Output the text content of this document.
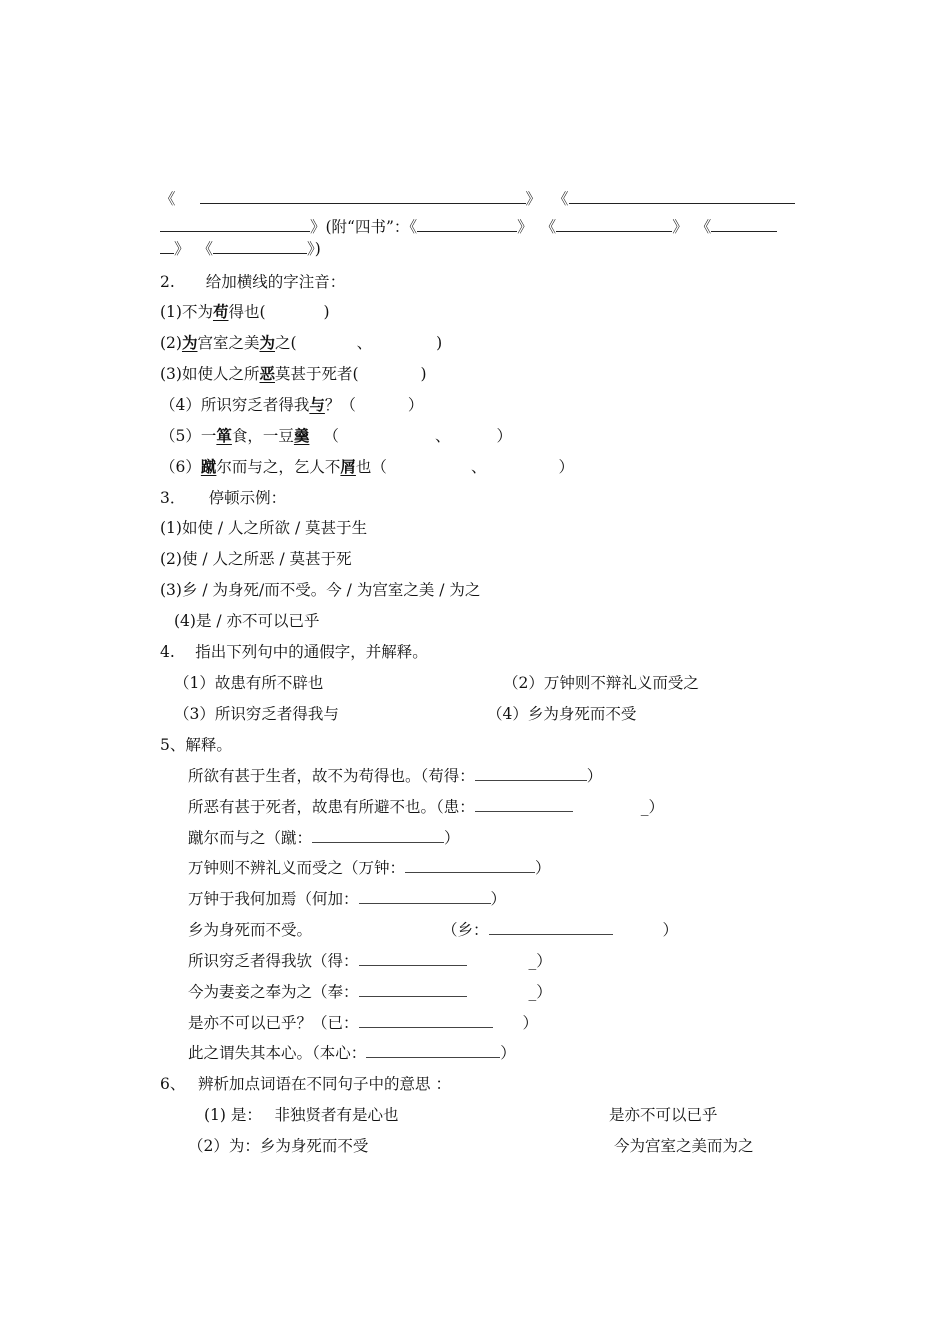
《	》 《
》(附“四书”：《	》 《	》 《
》 《	》)
2.　　给加横线的字注音：
(1)不为苟得也(	)
(2)为宫室之美为之(	、	)
(3)如使人之所恶莫甚于死者(	)
（4）所识穷乏者得我与？（	）
（5）一箪食，一豆羹 （	、	）
（6）蹴尔而与之，乞人不屑也（	、	）
3．　　停顿示例：
(1)如使 / 人之所欲 / 莫甚于生
(2)使 / 人之所恶 / 莫甚于死
(3)乡 / 为身死/而不受。今 / 为宫室之美 / 为之
(4)是 / 亦不可以已乎
4.　 指出下列句中的通假字，并解释。
（1）故患有所不辟也	（2）万钟则不辩礼义而受之
（3）所识穷乏者得我与	（4）乡为身死而不受
5、解释。
所欲有甚于生者，故不为苟得也。（苟得：	）
所恶有甚于死者，故患有所避不也。（患：	_）
蹴尔而与之（蹴：	）
万钟则不辨礼义而受之（万钟：	）
万钟于我何加焉（何加：	）
乡为身死而不受。	（乡：	）
所识穷乏者得我欤（得：	_）
今为妻妾之奉为之（奉：	_）
是亦不可以已乎？（已：	）
此之谓失其本心。（本心：	）
6、　 辨析加点词语在不同句子中的意思 ：
(1) 是：　 非独贤者有是心也	是亦不可以已乎
（2）为：乡为身死而不受	今为宫室之美而为之
